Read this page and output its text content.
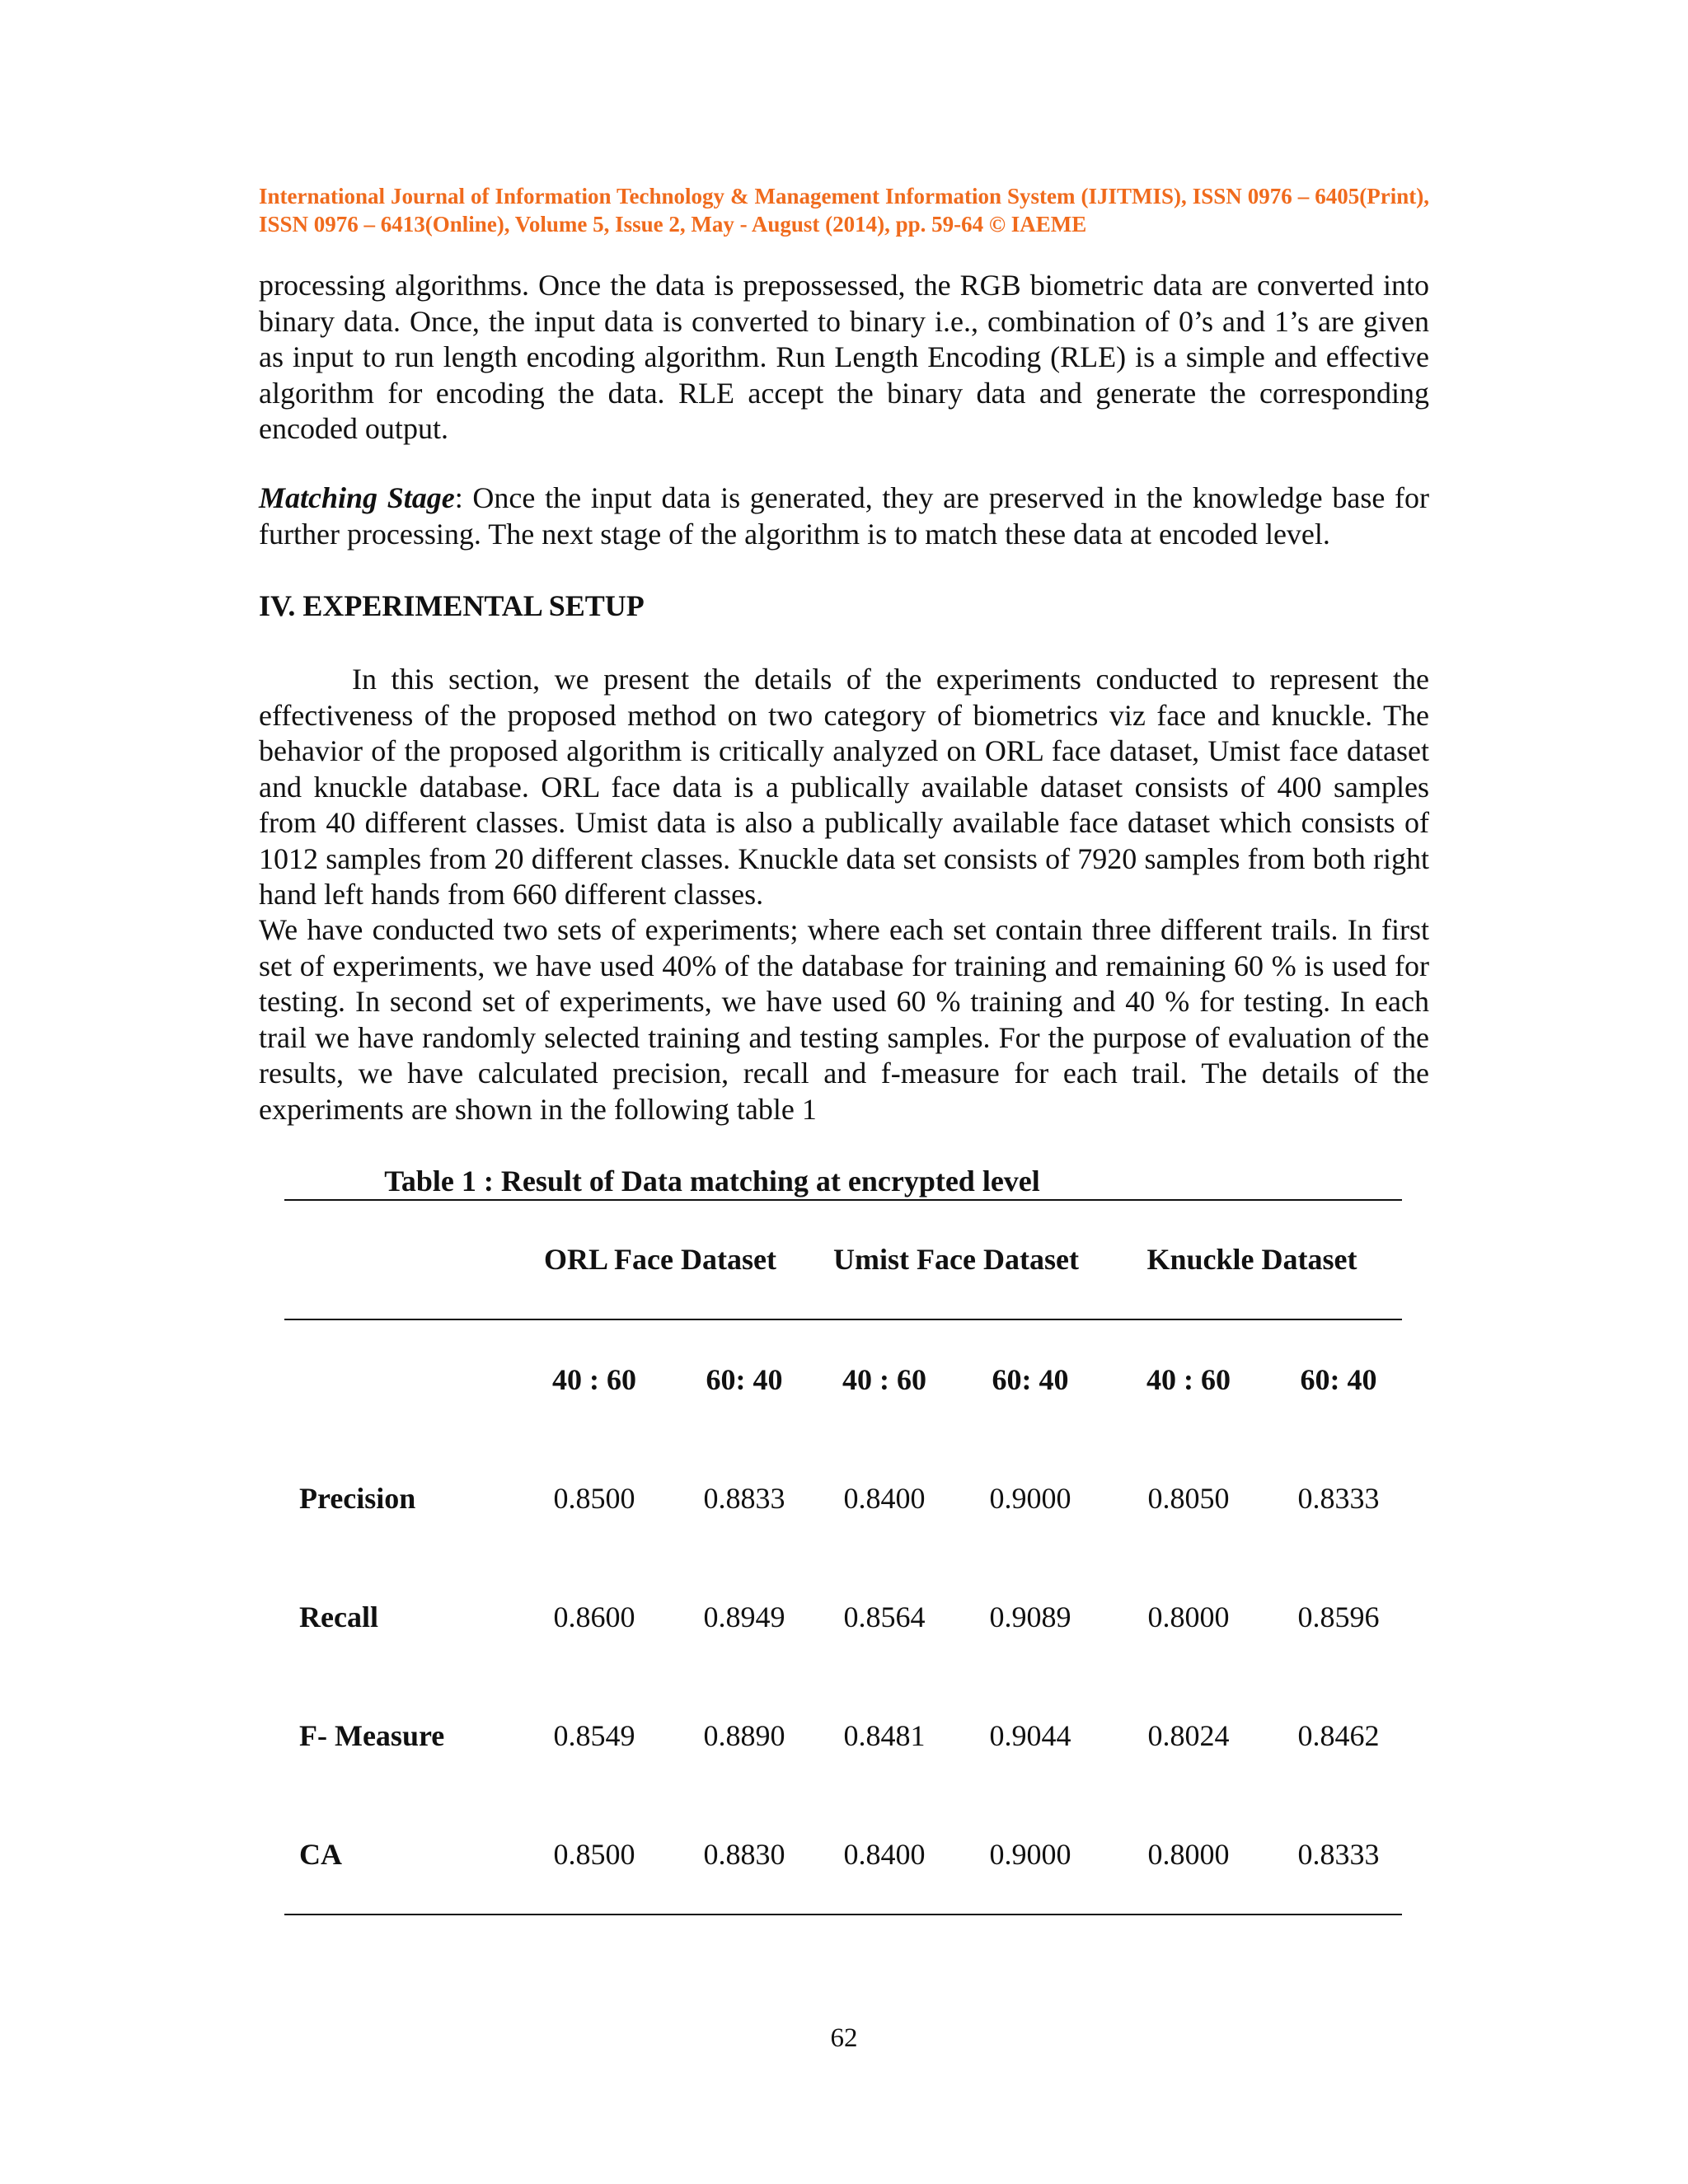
International Journal of Information Technology & Management Information System (IJITMIS), ISSN 0976 – 6405(Print), ISSN 0976 – 6413(Online), Volume 5, Issue 2, May - August (2014), pp. 59-64 © IAEME
processing algorithms. Once the data is prepossessed, the RGB biometric data are converted into binary data. Once, the input data is converted to binary i.e., combination of 0’s and 1’s are given as input to run length encoding algorithm. Run Length Encoding (RLE) is a simple and effective algorithm for encoding the data. RLE accept the binary data and generate the corresponding encoded output.
Matching Stage: Once the input data is generated, they are preserved in the knowledge base for further processing. The next stage of the algorithm is to match these data at encoded level.
IV. EXPERIMENTAL SETUP
In this section, we present the details of the experiments conducted to represent the effectiveness of the proposed method on two category of biometrics viz face and knuckle. The behavior of the proposed algorithm is critically analyzed on ORL face dataset, Umist face dataset and knuckle database. ORL face data is a publically available dataset consists of 400 samples from 40 different classes. Umist data is also a publically available face dataset which consists of 1012 samples from 20 different classes. Knuckle data set consists of 7920 samples from both right hand left hands from 660 different classes.
We have conducted two sets of experiments; where each set contain three different trails. In first set of experiments, we have used 40% of the database for training and remaining 60 % is used for testing. In second set of experiments, we have used 60 % training and 40 % for testing. In each trail we have randomly selected training and testing samples. For the purpose of evaluation of the results, we have calculated precision, recall and f-measure for each trail. The details of the experiments are shown in the following table 1
Table 1 : Result of Data matching at encrypted level
ORL Face Dataset Umist Face Dataset Knuckle Dataset
40 : 60 60: 40 40 : 60 60: 40	40 : 60 60: 40
Precision	0.8500 0.8833 0.8400 0.9000	0.8050 0.8333
Recall	0.8600 0.8949 0.8564 0.9089	0.8000 0.8596
F- Measure	0.8549 0.8890 0.8481 0.9044	0.8024 0.8462
CA	0.8500 0.8830 0.8400 0.9000	0.8000 0.8333
62
